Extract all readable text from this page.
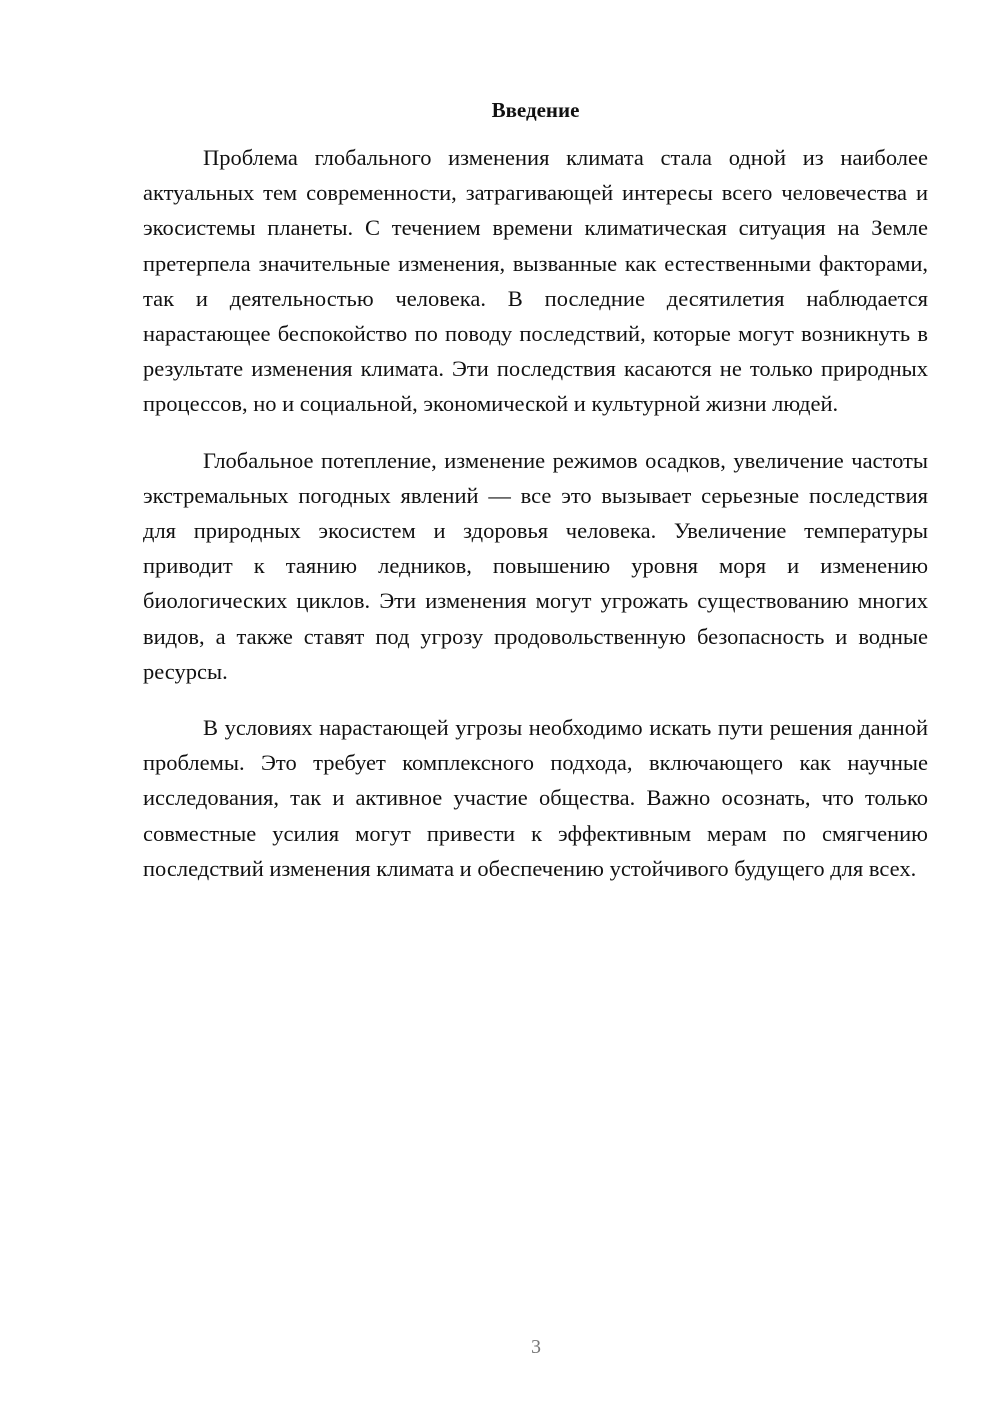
Введение

Проблема глобального изменения климата стала одной из наиболее актуальных тем современности, затрагивающей интересы всего человечества и экосистемы планеты. С течением времени климатическая ситуация на Земле претерпела значительные изменения, вызванные как естественными факторами, так и деятельностью человека. В последние десятилетия наблюдается нарастающее беспокойство по поводу последствий, которые могут возникнуть в результате изменения климата. Эти последствия касаются не только природных процессов, но и социальной, экономической и культурной жизни людей.

Глобальное потепление, изменение режимов осадков, увеличение частоты экстремальных погодных явлений — все это вызывает серьезные последствия для природных экосистем и здоровья человека. Увеличение температуры приводит к таянию ледников, повышению уровня моря и изменению биологических циклов. Эти изменения могут угрожать существованию многих видов, а также ставят под угрозу продовольственную безопасность и водные ресурсы.

В условиях нарастающей угрозы необходимо искать пути решения данной проблемы. Это требует комплексного подхода, включающего как научные исследования, так и активное участие общества. Важно осознать, что только совместные усилия могут привести к эффективным мерам по смягчению последствий изменения климата и обеспечению устойчивого будущего для всех.

3
